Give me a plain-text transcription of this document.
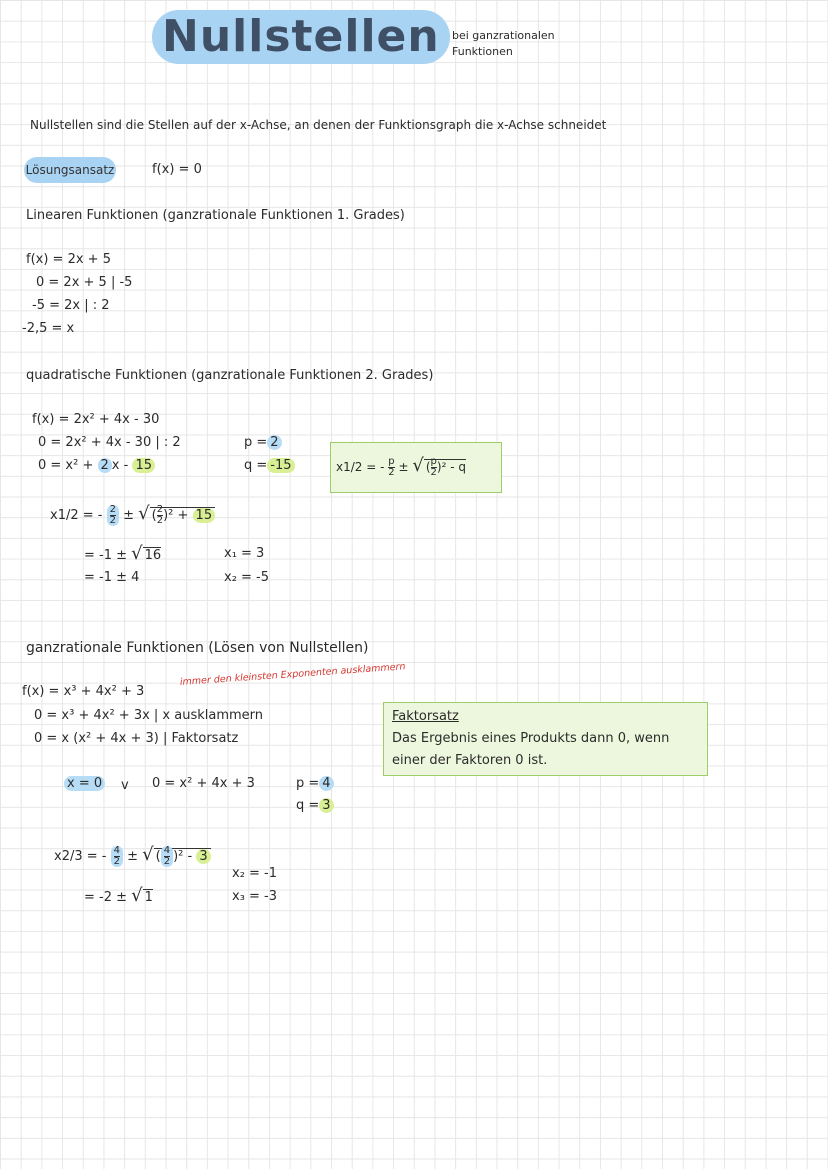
Nullstellen	bei ganzrationalen
Funktionen
Nullstellen sind die Stellen auf der x-Achse, an denen der Funktionsgraph die x-Achse schneidet
Lösungsansatz	f(x) = 0
Linearen Funktionen (ganzrationale Funktionen 1. Grades)
f(x) = 2x + 5
0 = 2x + 5 | -5
-5 = 2x | : 2
-2,5 = x
quadratische Funktionen (ganzrationale Funktionen 2. Grades)
f(x) = 2x² + 4x - 30
0 = 2x² + 4x - 30 | : 2
0 = x² + 2 x - 15
p = 2
q = -15	x1/2 = - $\frac{p}{2}$ ± √ ( $\frac{p}{2} )^2$ - q
x1/2 = - $\frac{2}{2}$ ± √ ( $\frac{2}{2} )^2 + 15$
= -1 ± √ 16
= -1 ± 4
x₁ = 3
x₂ = -5
ganzrationale Funktionen (Lösen von Nullstellen)
f(x) = x³ + 4x² + 3
immer den kleinsten Exponenten ausklammern
0 = x³ + 4x² + 3x | x ausklammern
0 = x (x² + 4x + 3) | Faktorsatz
Faktorsatz
Das Ergebnis eines Produkts dann 0, wenn
einer der Faktoren 0 ist.
x = 0 v 0 = x² + 4x + 3	p = 4
q = 3
x2/3 = - $\frac{4}{2}$ ± √ ( $\frac{4}{2} )^2 - 3$
= -2 ± √ 1
x₂ = -1
x₃ = -3
